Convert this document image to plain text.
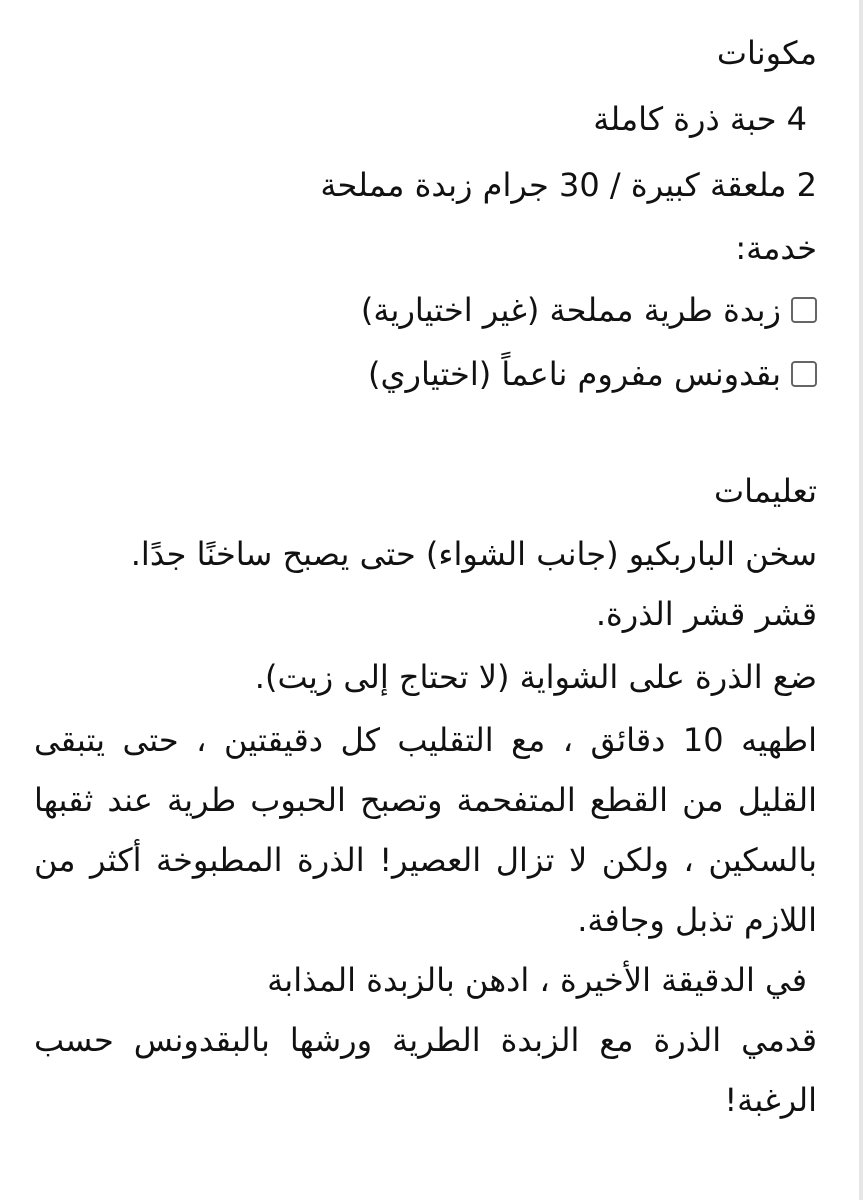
مكونات
4 حبة ذرة كاملة
2 ملعقة كبيرة / 30 جرام زبدة مملحة
خدمة:
زبدة طرية مملحة (غير اختيارية)
بقدونس مفروم ناعماً (اختياري)
تعليمات
سخن الباربكيو (جانب الشواء) حتى يصبح ساخنًا جدًا.
قشر قشر الذرة.
ضع الذرة على الشواية (لا تحتاج إلى زيت).
اطهيه 10 دقائق ، مع التقليب كل دقيقتين ، حتى يتبقى القليل من القطع المتفحمة وتصبح الحبوب طرية عند ثقبها بالسكين ، ولكن لا تزال العصير! الذرة المطبوخة أكثر من اللازم تذبل وجافة.
في الدقيقة الأخيرة ، ادهن بالزبدة المذابة
قدمي الذرة مع الزبدة الطرية ورشها بالبقدونس حسب الرغبة!
